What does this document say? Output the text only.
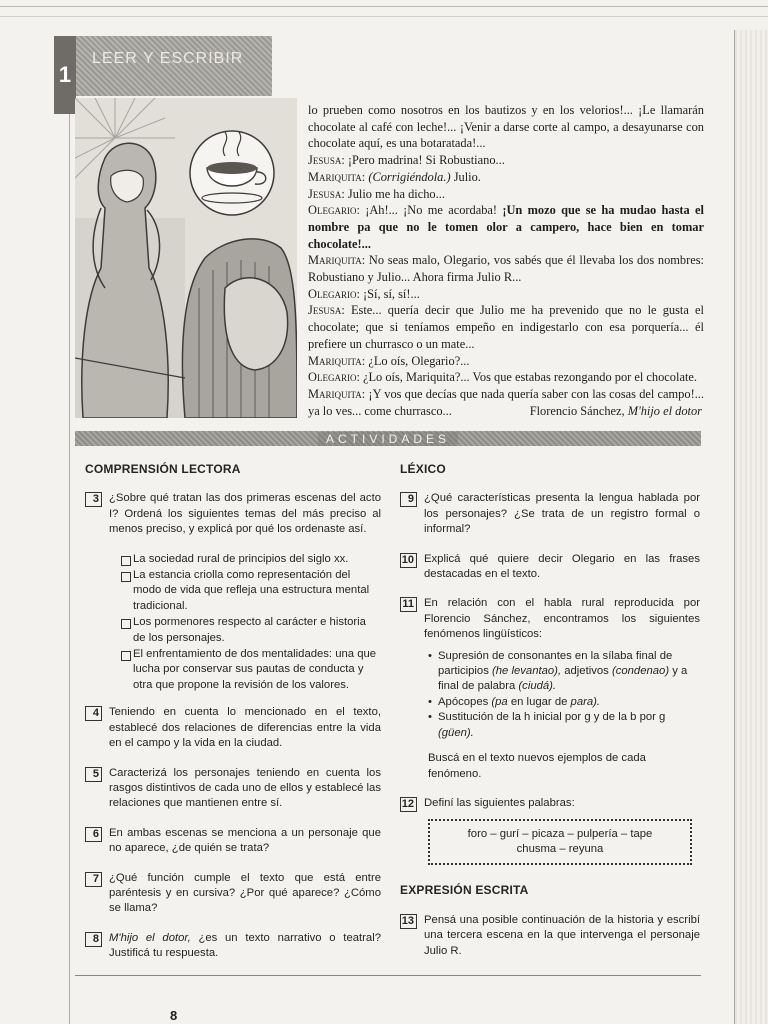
1
LEER Y ESCRIBIR

lo prueben como nosotros en los bautizos y en los velorios!... ¡Le llamarán chocolate al café con leche!... ¡Venir a darse corte al campo, a desayunarse con chocolate aquí, es una botaratada!...

Jesusa: ¡Pero madrina! Si Robustiano...

Mariquita: (Corrigiéndola.) Julio.

Jesusa: Julio me ha dicho...

Olegario: ¡Ah!... ¡No me acordaba! ¡Un mozo que se ha mudao hasta el nombre pa que no le tomen olor a campero, hace bien en tomar chocolate!...

Mariquita: No seas malo, Olegario, vos sabés que él llevaba los dos nombres: Robustiano y Julio... Ahora firma Julio R...

Olegario: ¡Sí, sí, sí!...

Jesusa: Este... quería decir que Julio me ha prevenido que no le gusta el chocolate; que si teníamos empeño en indigestarlo con esa porquería... él prefiere un churrasco o un mate...

Mariquita: ¿Lo oís, Olegario?...

Olegario: ¿Lo oís, Mariquita?... Vos que estabas rezongando por el chocolate.

Mariquita: ¡Y vos que decías que nada quería saber con las cosas del campo!... ya lo ves... come churrasco...	Florencio Sánchez, M'hijo el dotor
ACTIVIDADES
COMPRENSIÓN LECTORA
3 ¿Sobre qué tratan las dos primeras escenas del acto I? Ordená los siguientes temas del más preciso al menos preciso, y explicá por qué los ordenaste así.
La sociedad rural de principios del siglo xx.
La estancia criolla como representación del modo de vida que refleja una estructura mental tradicional.
Los pormenores respecto al carácter e historia de los personajes.
El enfrentamiento de dos mentalidades: una que lucha por conservar sus pautas de conducta y otra que propone la revisión de los valores.
4 Teniendo en cuenta lo mencionado en el texto, establecé dos relaciones de diferencias entre la vida en el campo y la vida en la ciudad.
5 Caracterizá los personajes teniendo en cuenta los rasgos distintivos de cada uno de ellos y establecé las relaciones que mantienen entre sí.
6 En ambas escenas se menciona a un personaje que no aparece, ¿de quién se trata?
7 ¿Qué función cumple el texto que está entre paréntesis y en cursiva? ¿Por qué aparece? ¿Cómo se llama?
8 M'hijo el dotor, ¿es un texto narrativo o teatral? Justificá tu respuesta.
LÉXICO
9 ¿Qué características presenta la lengua hablada por los personajes? ¿Se trata de un registro formal o informal?
10 Explicá qué quiere decir Olegario en las frases destacadas en el texto.
11 En relación con el habla rural reproducida por Florencio Sánchez, encontramos los siguientes fenómenos lingüísticos:
• Supresión de consonantes en la sílaba final de participios (he levantao), adjetivos (condenao) y a final de palabra (ciudá).
• Apócopes (pa en lugar de para).
• Sustitución de la h inicial por g y de la b por g (güen).
Buscá en el texto nuevos ejemplos de cada fenómeno.
12 Definí las siguientes palabras:
foro – gurí – picaza – pulpería – tape
chusma – reyuna
EXPRESIÓN ESCRITA
13 Pensá una posible continuación de la historia y escribí una tercera escena en la que intervenga el personaje Julio R.
8
